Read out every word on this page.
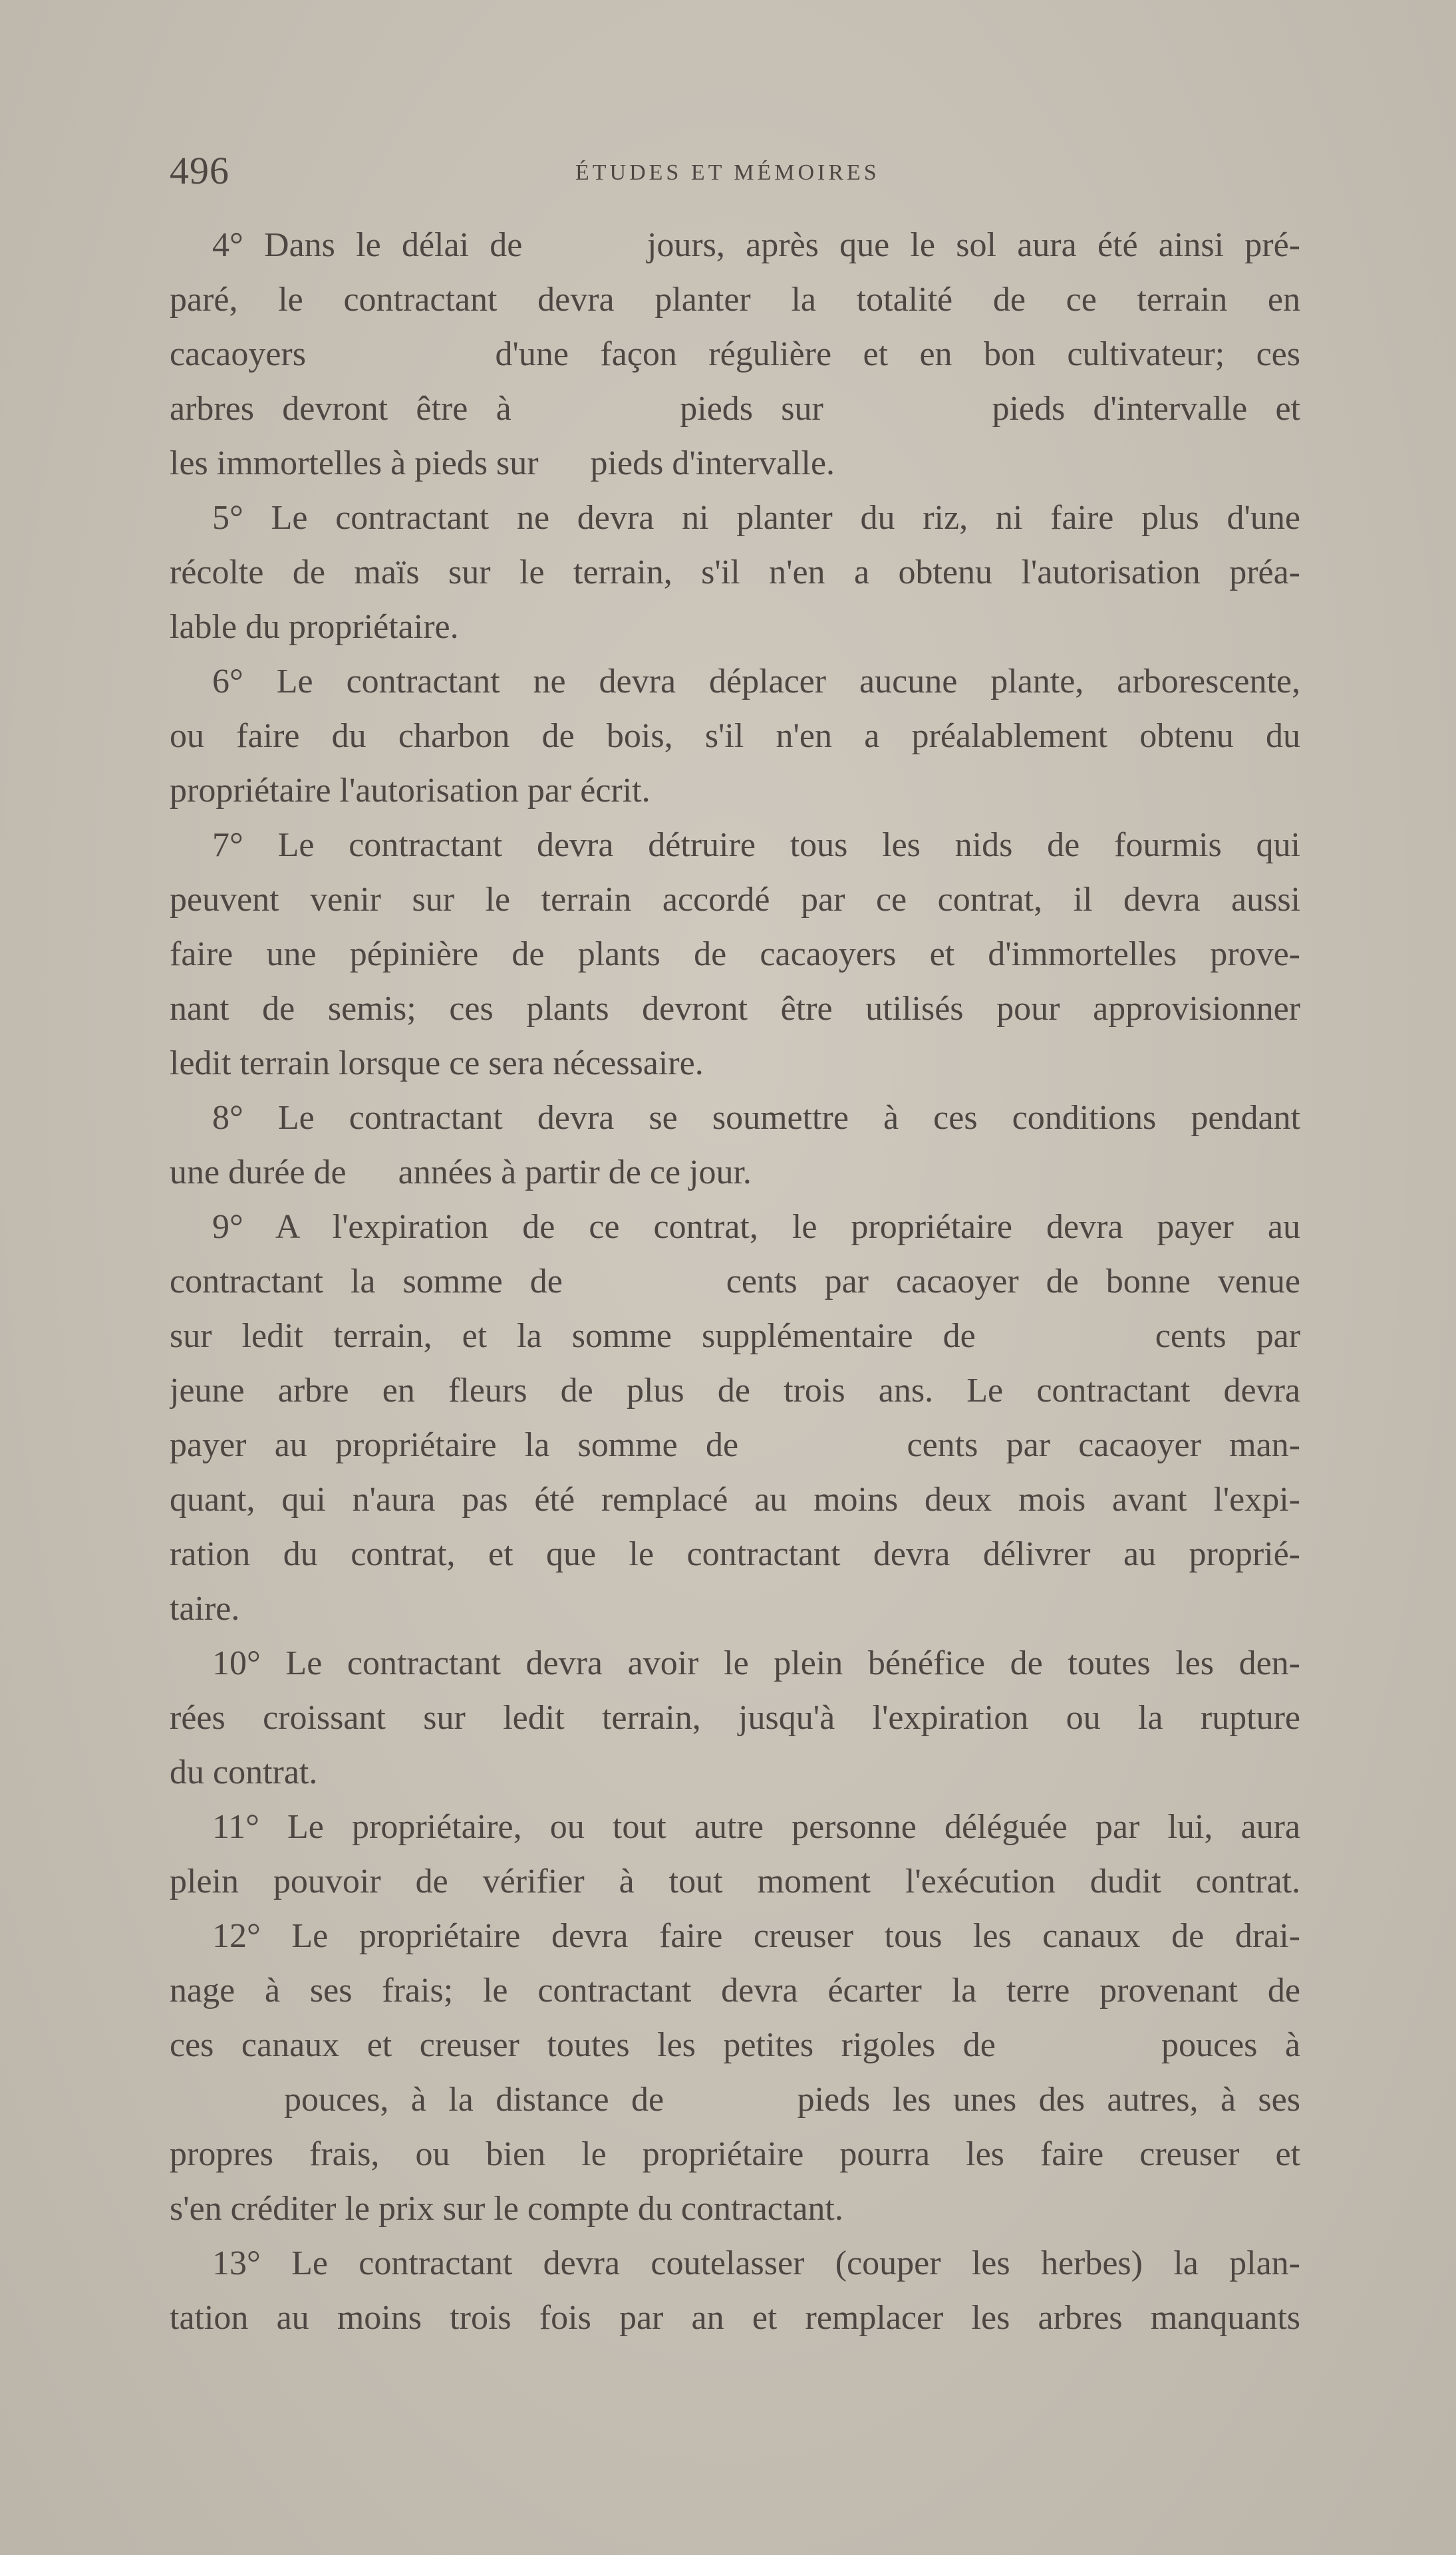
496	ÉTUDES ET MÉMOIRES
4° Dans le délai de      jours, après que le sol aura été ainsi pré-
paré, le contractant devra planter la totalité de ce terrain en
cacaoyers      d'une façon régulière et en bon cultivateur; ces
arbres devront être à      pieds sur      pieds d'intervalle et
les immortelles à pieds sur      pieds d'intervalle.
5° Le contractant ne devra ni planter du riz, ni faire plus d'une
récolte de maïs sur le terrain, s'il n'en a obtenu l'autorisation préa-
lable du propriétaire.
6° Le contractant ne devra déplacer aucune plante, arborescente,
ou faire du charbon de bois, s'il n'en a préalablement obtenu du
propriétaire l'autorisation par écrit.
7° Le contractant devra détruire tous les nids de fourmis qui
peuvent venir sur le terrain accordé par ce contrat, il devra aussi
faire une pépinière de plants de cacaoyers et d'immortelles prove-
nant de semis; ces plants devront être utilisés pour approvisionner
ledit terrain lorsque ce sera nécessaire.
8° Le contractant devra se soumettre à ces conditions pendant
une durée de      années à partir de ce jour.
9° A l'expiration de ce contrat, le propriétaire devra payer au
contractant la somme de      cents par cacaoyer de bonne venue
sur ledit terrain, et la somme supplémentaire de      cents par
jeune arbre en fleurs de plus de trois ans. Le contractant devra
payer au propriétaire la somme de      cents par cacaoyer man-
quant, qui n'aura pas été remplacé au moins deux mois avant l'expi-
ration du contrat, et que le contractant devra délivrer au proprié-
taire.
10° Le contractant devra avoir le plein bénéfice de toutes les den-
rées croissant sur ledit terrain, jusqu'à l'expiration ou la rupture
du contrat.
11° Le propriétaire, ou tout autre personne déléguée par lui, aura
plein pouvoir de vérifier à tout moment l'exécution dudit contrat.
12° Le propriétaire devra faire creuser tous les canaux de drai-
nage à ses frais; le contractant devra écarter la terre provenant de
ces canaux et creuser toutes les petites rigoles de      pouces à
pouces, à la distance de      pieds les unes des autres, à ses
propres frais, ou bien le propriétaire pourra les faire creuser et
s'en créditer le prix sur le compte du contractant.
13° Le contractant devra coutelasser (couper les herbes) la plan-
tation au moins trois fois par an et remplacer les arbres manquants
